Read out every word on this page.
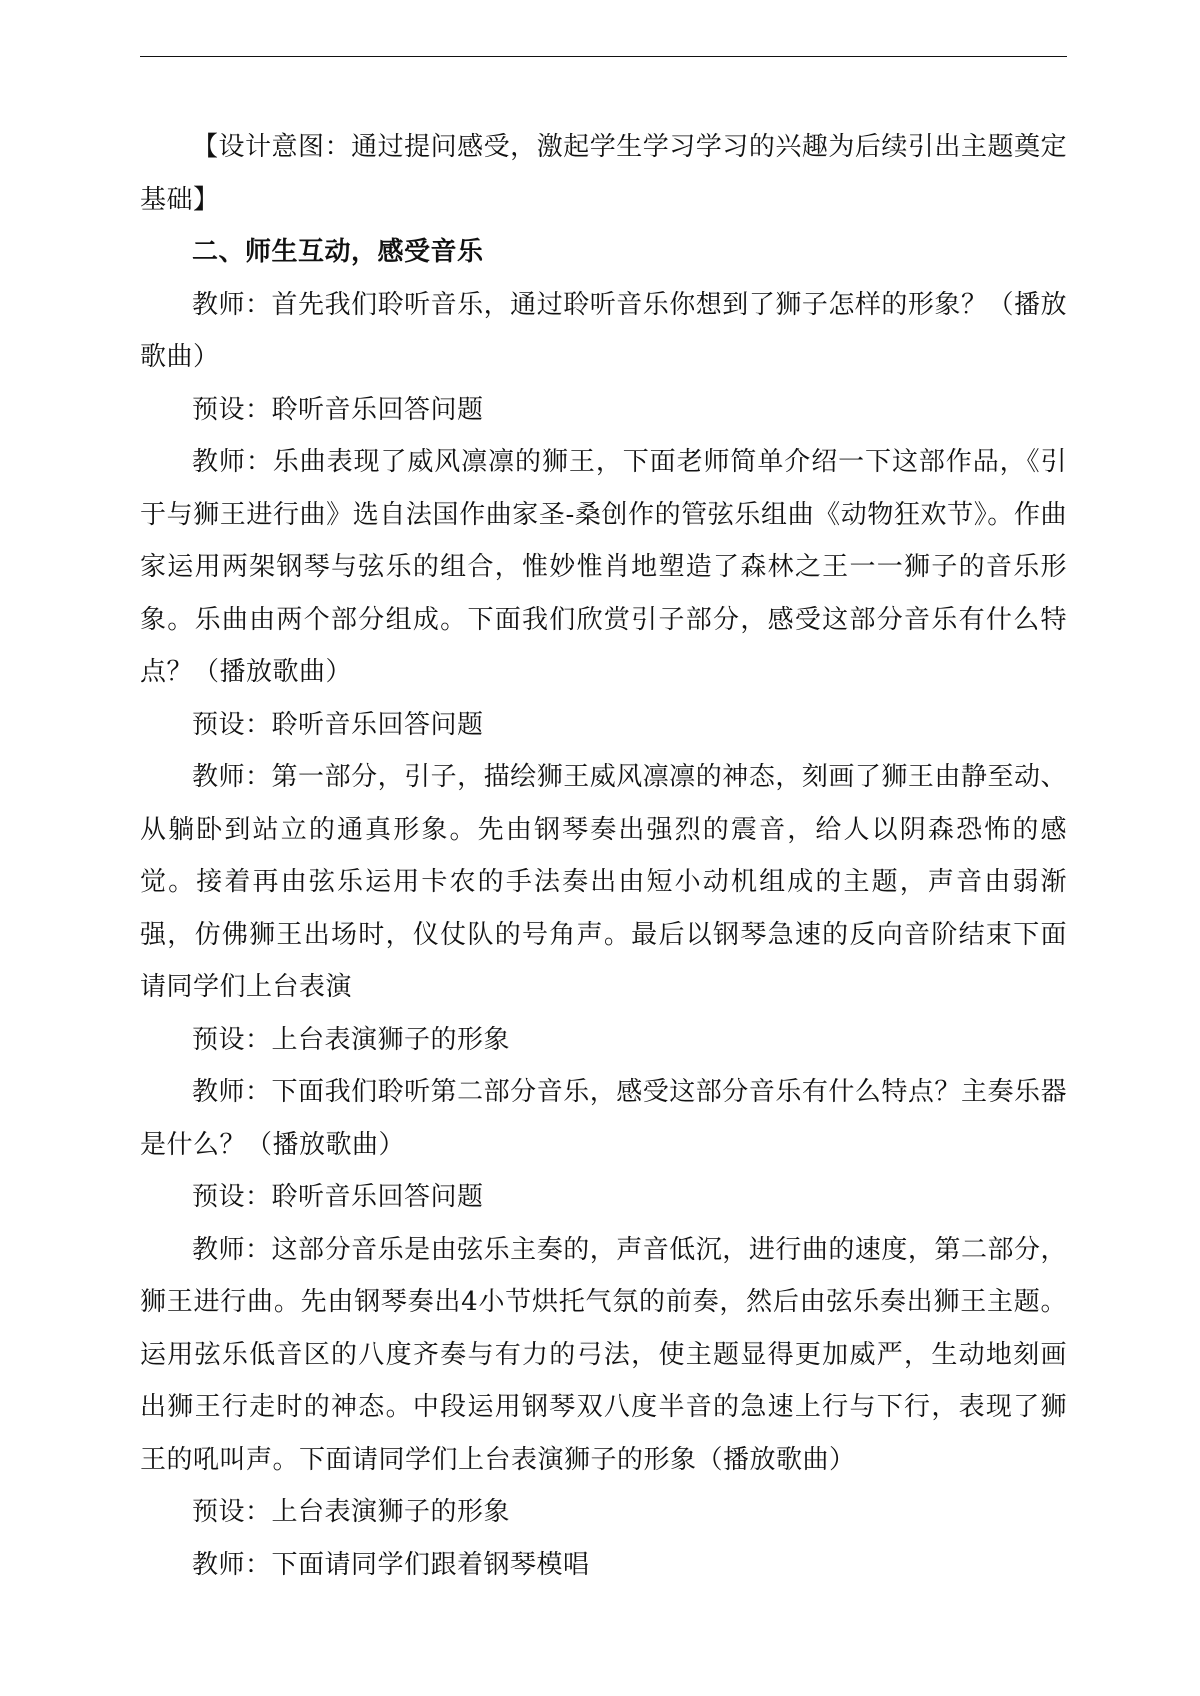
【设计意图：通过提问感受，激起学生学习学习的兴趣为后续引出主题奠定基础】

二、师生互动，感受音乐

教师：首先我们聆听音乐，通过聆听音乐你想到了狮子怎样的形象？（播放歌曲）

预设：聆听音乐回答问题

教师：乐曲表现了威风凛凛的狮王，下面老师简单介绍一下这部作品，《引于与狮王进行曲》选自法国作曲家圣-桑创作的管弦乐组曲《动物狂欢节》。作曲家运用两架钢琴与弦乐的组合，惟妙惟肖地塑造了森林之王一一狮子的音乐形象。乐曲由两个部分组成。下面我们欣赏引子部分，感受这部分音乐有什么特点？（播放歌曲）

预设：聆听音乐回答问题

教师：第一部分，引子，描绘狮王威风凛凛的神态，刻画了狮王由静至动、从躺卧到站立的通真形象。先由钢琴奏出强烈的震音，给人以阴森恐怖的感觉。接着再由弦乐运用卡农的手法奏出由短小动机组成的主题，声音由弱渐强，仿佛狮王出场时，仪仗队的号角声。最后以钢琴急速的反向音阶结束下面请同学们上台表演

预设：上台表演狮子的形象

教师：下面我们聆听第二部分音乐，感受这部分音乐有什么特点？主奏乐器是什么？（播放歌曲）

预设：聆听音乐回答问题

教师：这部分音乐是由弦乐主奏的，声音低沉，进行曲的速度，第二部分，狮王进行曲。先由钢琴奏出4小节烘托气氛的前奏，然后由弦乐奏出狮王主题。运用弦乐低音区的八度齐奏与有力的弓法，使主题显得更加威严，生动地刻画出狮王行走时的神态。中段运用钢琴双八度半音的急速上行与下行，表现了狮王的吼叫声。下面请同学们上台表演狮子的形象（播放歌曲）

预设：上台表演狮子的形象

教师：下面请同学们跟着钢琴模唱
